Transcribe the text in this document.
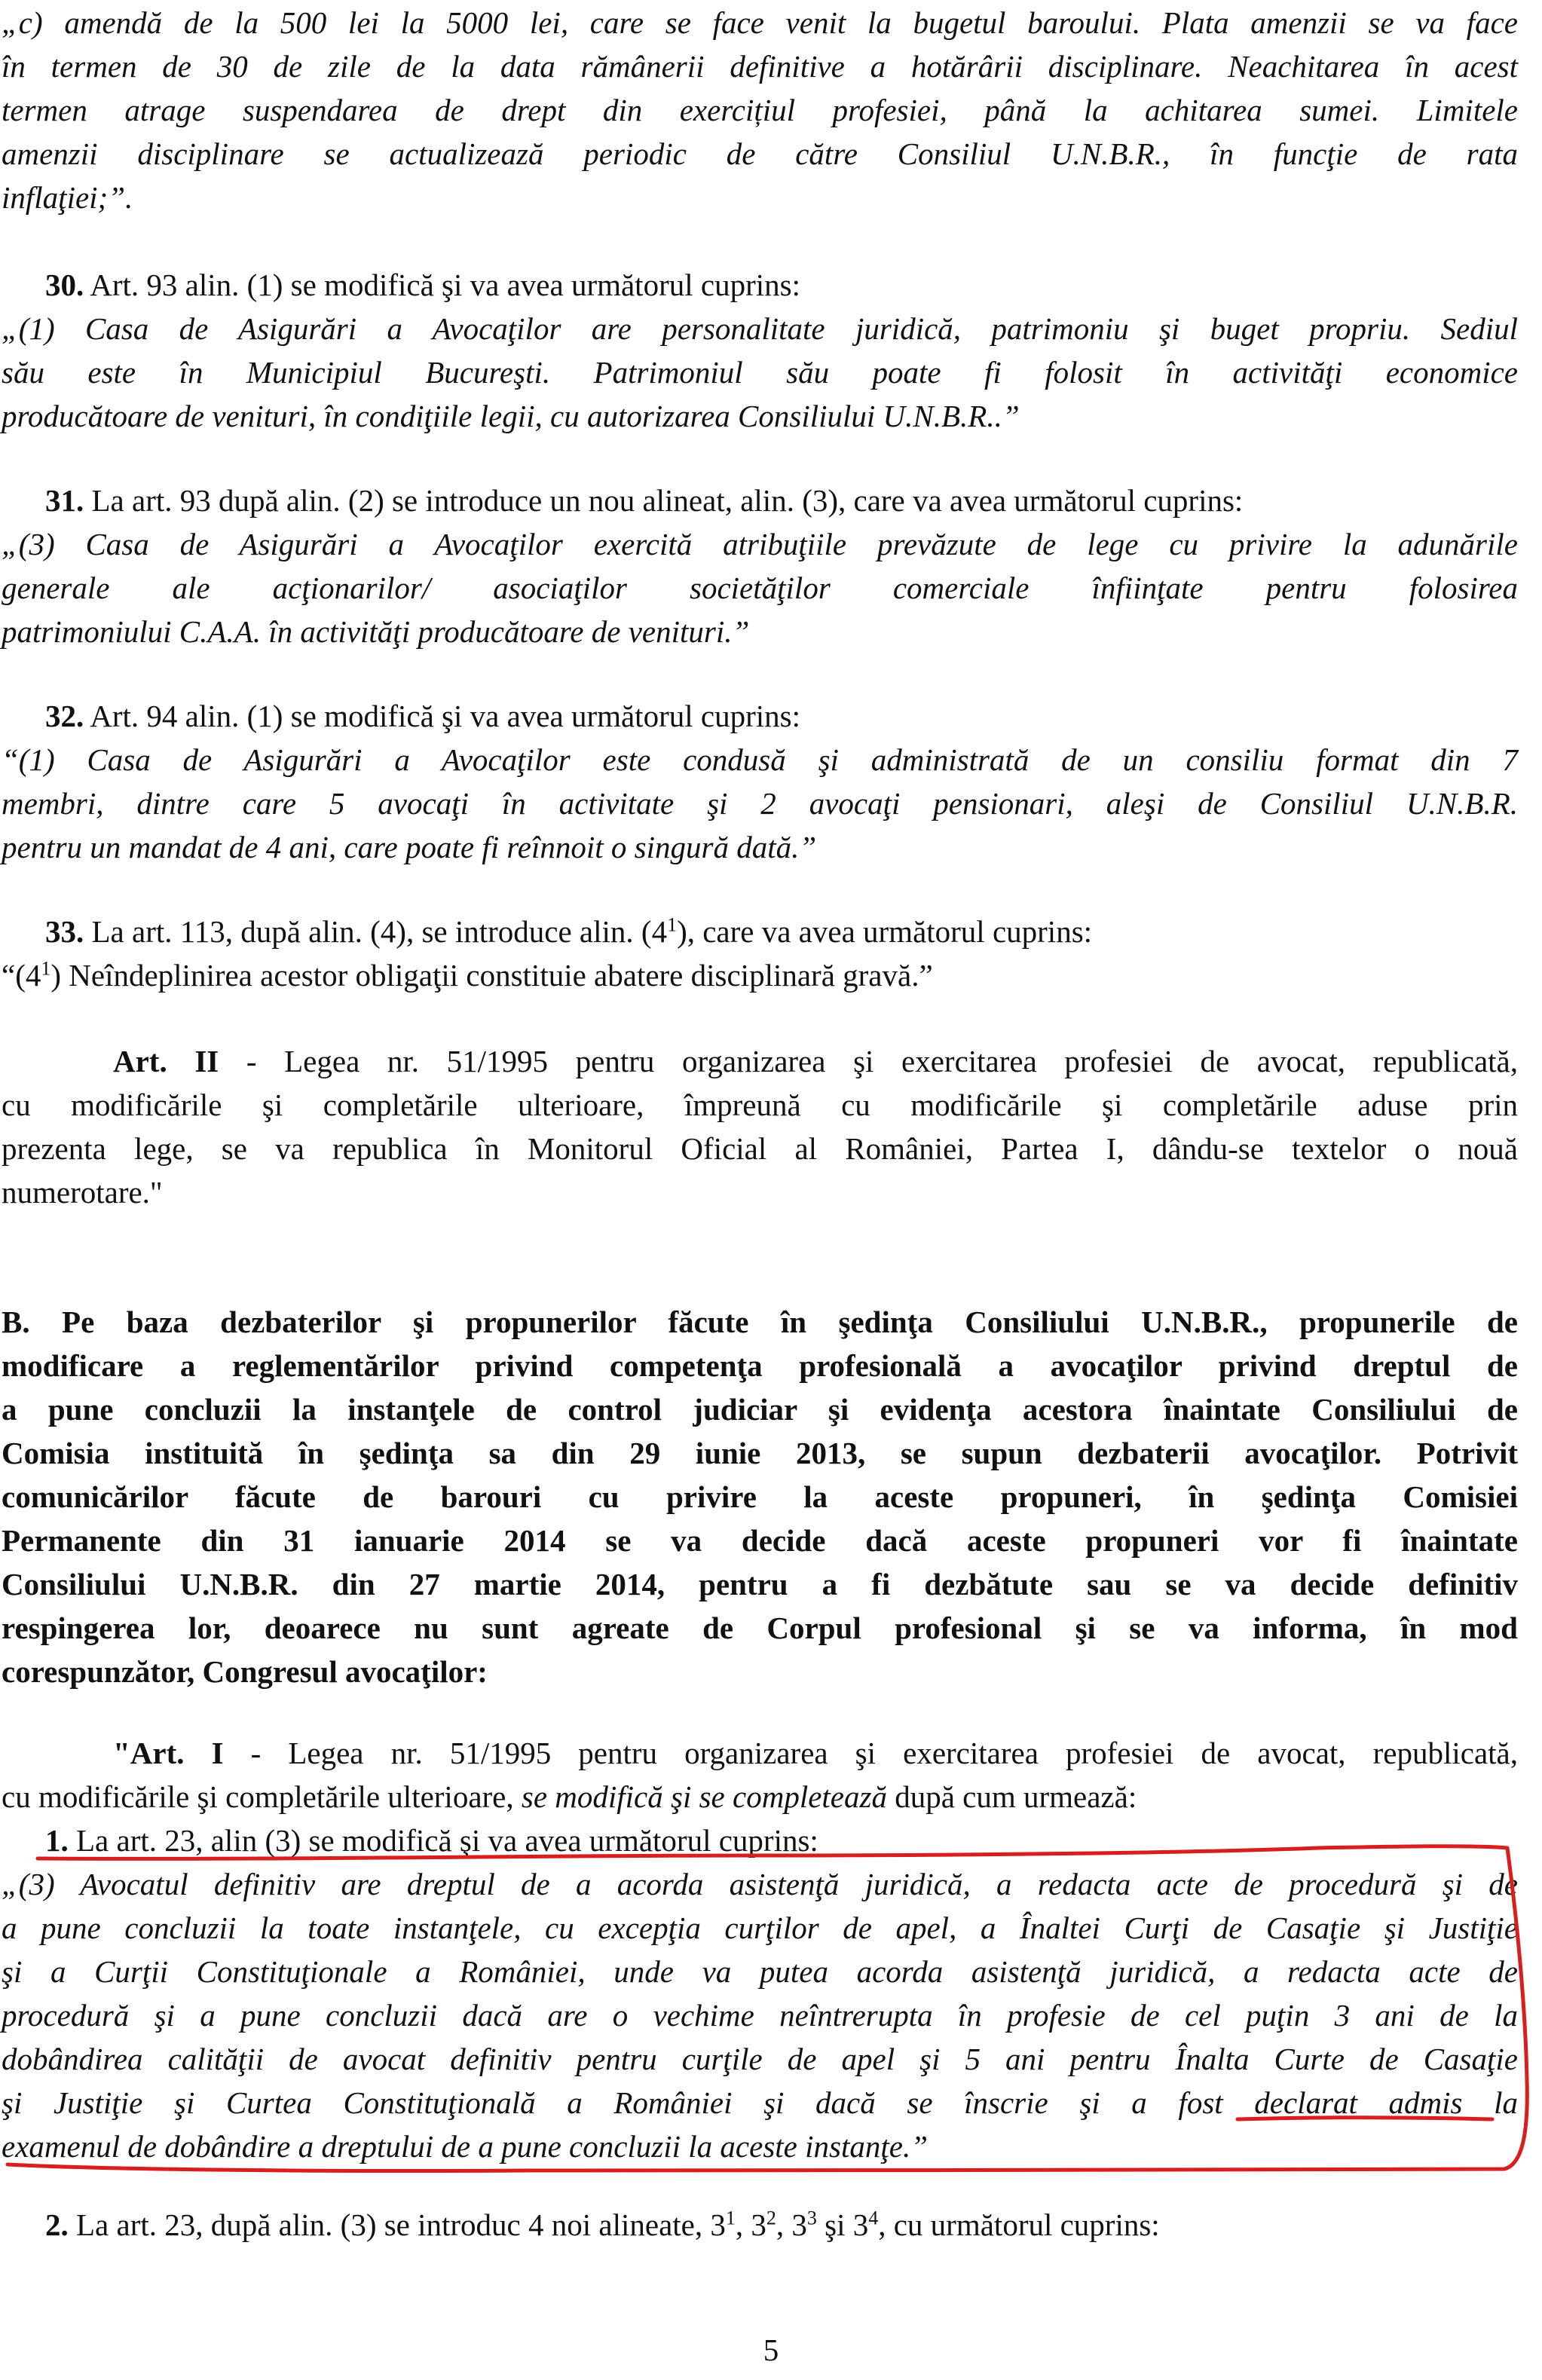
„c) amendă de la 500 lei la 5000 lei, care se face venit la bugetul baroului. Plata amenzii se va face
în termen de 30 de zile de la data rămânerii definitive a hotărârii disciplinare. Neachitarea în acest
termen atrage suspendarea de drept din exercițiul profesiei, până la achitarea sumei. Limitele
amenzii disciplinare se actualizează periodic de către Consiliul U.N.B.R., în funcţie de rata
inflaţiei;”.
30. Art. 93 alin. (1) se modifică şi va avea următorul cuprins:
„(1) Casa de Asigurări a Avocaţilor are personalitate juridică, patrimoniu şi buget propriu. Sediul
său este în Municipiul Bucureşti. Patrimoniul său poate fi folosit în activităţi economice
producătoare de venituri, în condiţiile legii, cu autorizarea Consiliului U.N.B.R..”
31. La art. 93 după alin. (2) se introduce un nou alineat, alin. (3), care va avea următorul cuprins:
„(3) Casa de Asigurări a Avocaţilor exercită atribuţiile prevăzute de lege cu privire la adunările
generale ale acţionarilor/ asociaţilor societăţilor comerciale înfiinţate pentru folosirea
patrimoniului C.A.A. în activităţi producătoare de venituri.”
32. Art. 94 alin. (1) se modifică şi va avea următorul cuprins:
“(1) Casa de Asigurări a Avocaţilor este condusă şi administrată de un consiliu format din 7
membri, dintre care 5 avocaţi în activitate şi 2 avocaţi pensionari, aleşi de Consiliul U.N.B.R.
pentru un mandat de 4 ani, care poate fi reînnoit o singură dată.”
33. La art. 113, după alin. (4), se introduce alin. $(4^1)$, care va avea următorul cuprins:
“$(4^1)$ Neîndeplinirea acestor obligaţii constituie abatere disciplinară gravă.”
Art. II - Legea nr. 51/1995 pentru organizarea şi exercitarea profesiei de avocat, republicată,
cu modificările şi completările ulterioare, împreună cu modificările şi completările aduse prin
prezenta lege, se va republica în Monitorul Oficial al României, Partea I, dându-se textelor o nouă
numerotare."
B. Pe baza dezbaterilor şi propunerilor făcute în şedinţa Consiliului U.N.B.R., propunerile de
modificare a reglementărilor privind competenţa profesională a avocaţilor privind dreptul de
a pune concluzii la instanţele de control judiciar şi evidenţa acestora înaintate Consiliului de
Comisia instituită în şedinţa sa din 29 iunie 2013, se supun dezbaterii avocaţilor. Potrivit
comunicărilor făcute de barouri cu privire la aceste propuneri, în şedinţa Comisiei
Permanente din 31 ianuarie 2014 se va decide dacă aceste propuneri vor fi înaintate
Consiliului U.N.B.R. din 27 martie 2014, pentru a fi dezbătute sau se va decide definitiv
respingerea lor, deoarece nu sunt agreate de Corpul profesional şi se va informa, în mod
corespunzător, Congresul avocaţilor:
"Art. I - Legea nr. 51/1995 pentru organizarea şi exercitarea profesiei de avocat, republicată,
cu modificările şi completările ulterioare, se modifică şi se completează după cum urmează:
1. La art. 23, alin (3) se modifică şi va avea următorul cuprins:
„(3) Avocatul definitiv are dreptul de a acorda asistenţă juridică, a redacta acte de procedură şi de
a pune concluzii la toate instanţele, cu excepţia curţilor de apel, a Înaltei Curţi de Casaţie şi Justiţie
şi a Curţii Constituţionale a României, unde va putea acorda asistenţă juridică, a redacta acte de
procedură şi a pune concluzii dacă are o vechime neîntrerupta în profesie de cel puţin 3 ani de la
dobândirea calităţii de avocat definitiv pentru curţile de apel şi 5 ani pentru Înalta Curte de Casaţie
şi Justiţie şi Curtea Constituţională a României şi dacă se înscrie şi a fost declarat admis la
examenul de dobândire a dreptului de a pune concluzii la aceste instanţe.”
2. La art. 23, după alin. (3) se introduc 4 noi alineate, $3^1$, $3^2$, $3^3$ şi $3^4$, cu următorul cuprins:
5
